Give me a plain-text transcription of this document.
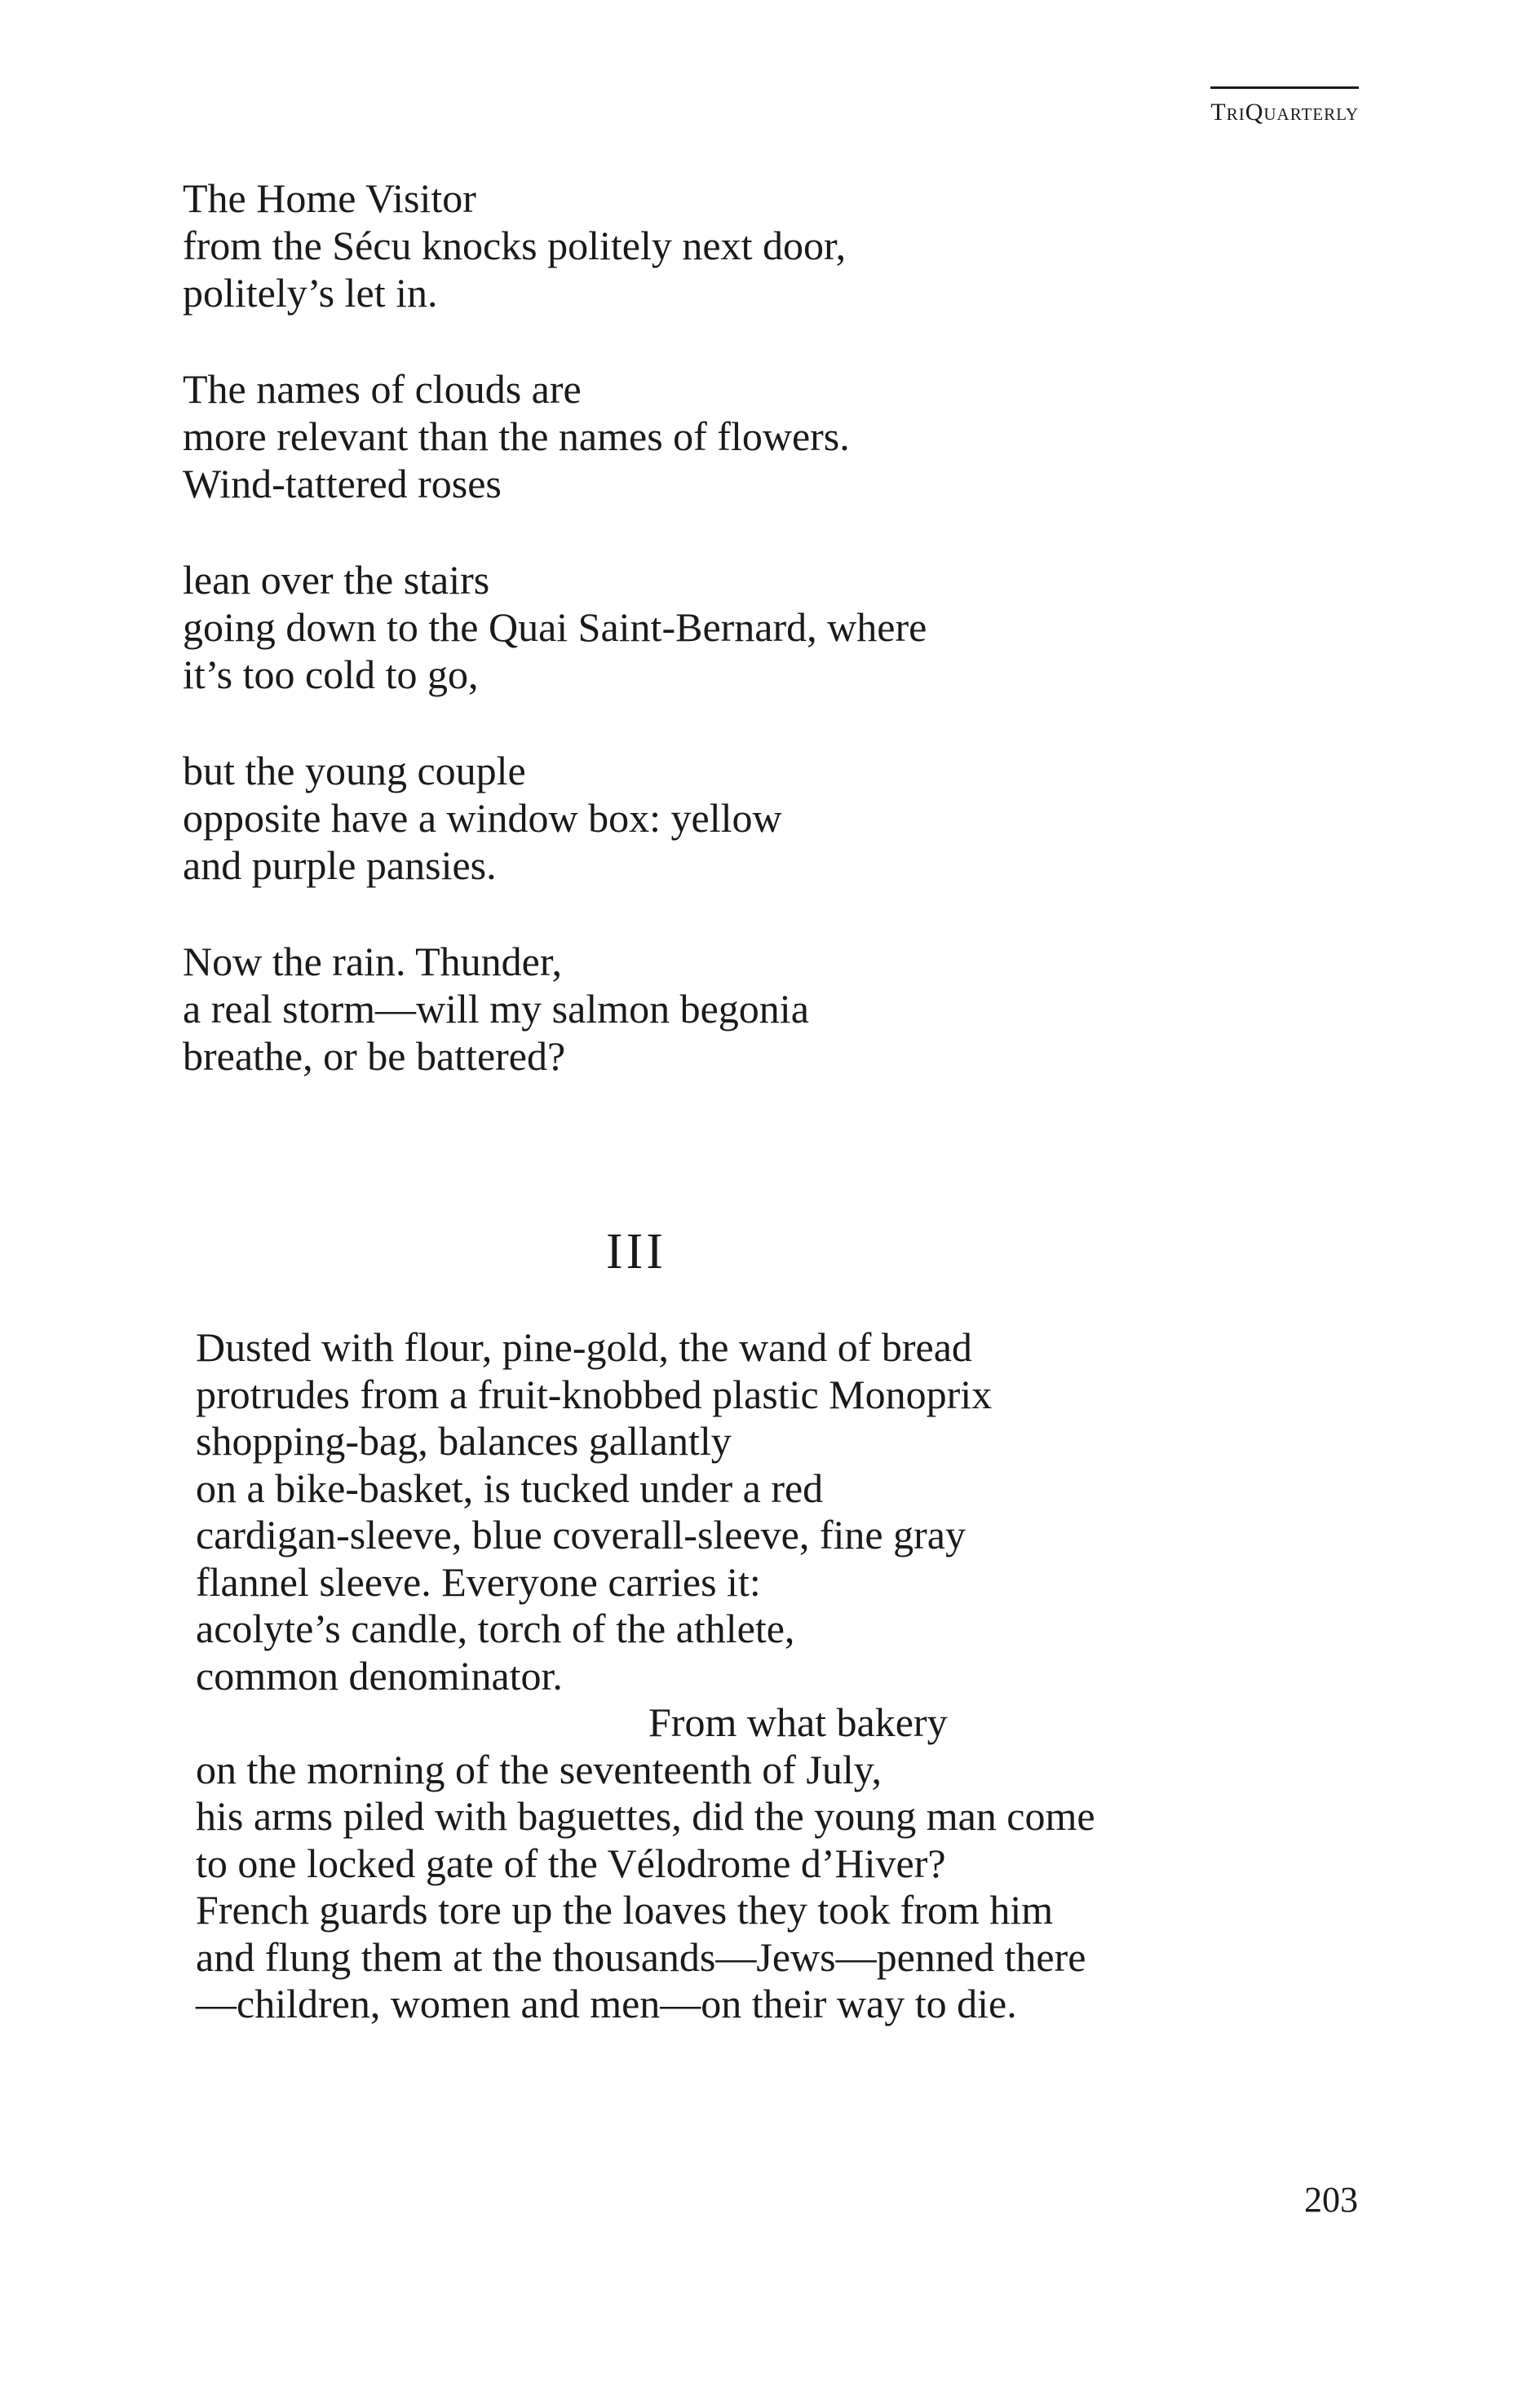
TriQuarterly
The Home Visitor
from the Sécu knocks politely next door,
politely’s let in.
The names of clouds are
more relevant than the names of flowers.
Wind-tattered roses
lean over the stairs
going down to the Quai Saint-Bernard, where
it’s too cold to go,
but the young couple
opposite have a window box: yellow
and purple pansies.
Now the rain. Thunder,
a real storm—will my salmon begonia
breathe, or be battered?
III
Dusted with flour, pine-gold, the wand of bread
protrudes from a fruit-knobbed plastic Monoprix
shopping-bag, balances gallantly
on a bike-basket, is tucked under a red
cardigan-sleeve, blue coverall-sleeve, fine gray
flannel sleeve. Everyone carries it:
acolyte’s candle, torch of the athlete,
common denominator.
From what bakery
on the morning of the seventeenth of July,
his arms piled with baguettes, did the young man come
to one locked gate of the Vélodrome d’Hiver?
French guards tore up the loaves they took from him
and flung them at the thousands—Jews—penned there
—children, women and men—on their way to die.
203
